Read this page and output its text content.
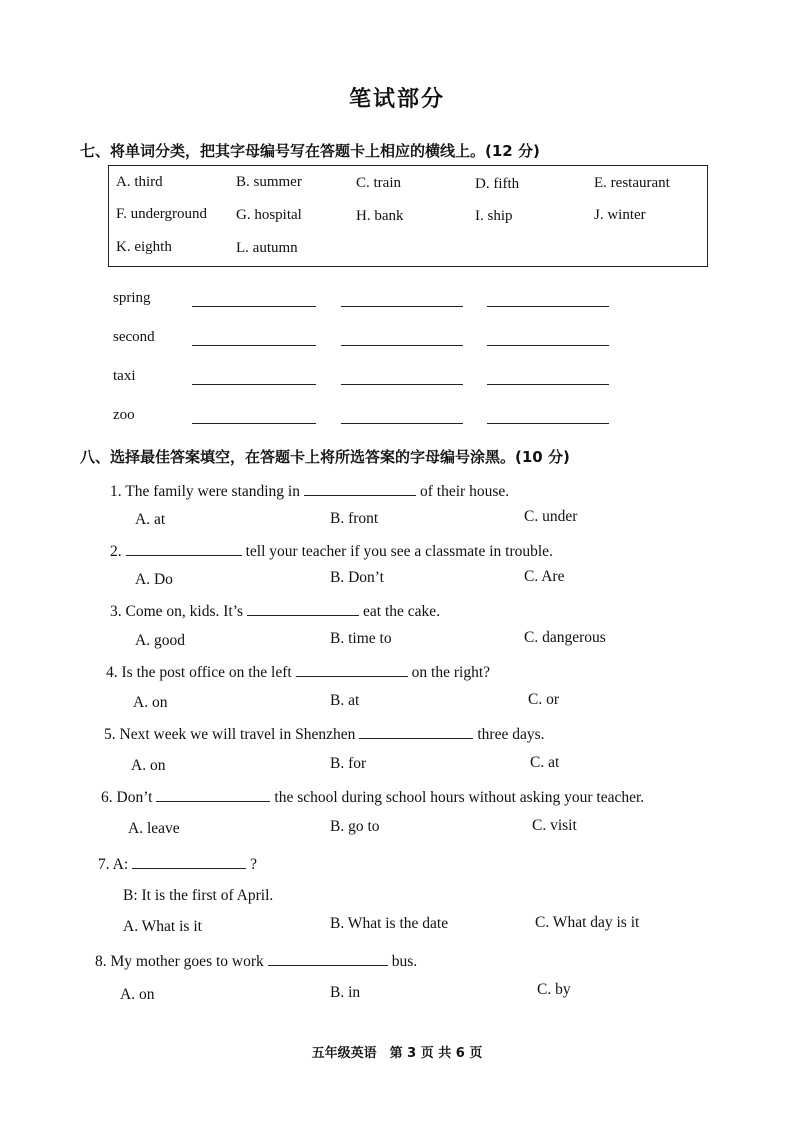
笔试部分
七、将单词分类，把其字母编号写在答题卡上相应的横线上。(12 分)
A. third	B. summer	C. train	D. fifth	E. restaurant
F. underground G. hospital	H. bank	I. ship	J. winter
K. eighth	L. autumn
spring
second
taxi
zoo
八、选择最佳答案填空，在答题卡上将所选答案的字母编号涂黑。(10 分)
1. The family were standing in	of their house.
A. at	B. front	C. under
2.	tell your teacher if you see a classmate in trouble.
A. Do	B. Don’t	C. Are
3. Come on, kids. It’s	eat the cake.
A. good	B. time to	C. dangerous
4. Is the post office on the left	on the right?
A. on	B. at	C. or
5. Next week we will travel in Shenzhen	three days.
A. on	B. for	C. at
6. Don’t	the school during school hours without asking your teacher.
A. leave	B. go to	C. visit
7. A:	?
B: It is the first of April.
A. What is it	B. What is the date	C. What day is it
8. My mother goes to work	bus.
A. on	B. in	C. by
五年级英语　第 3 页 共 6 页
